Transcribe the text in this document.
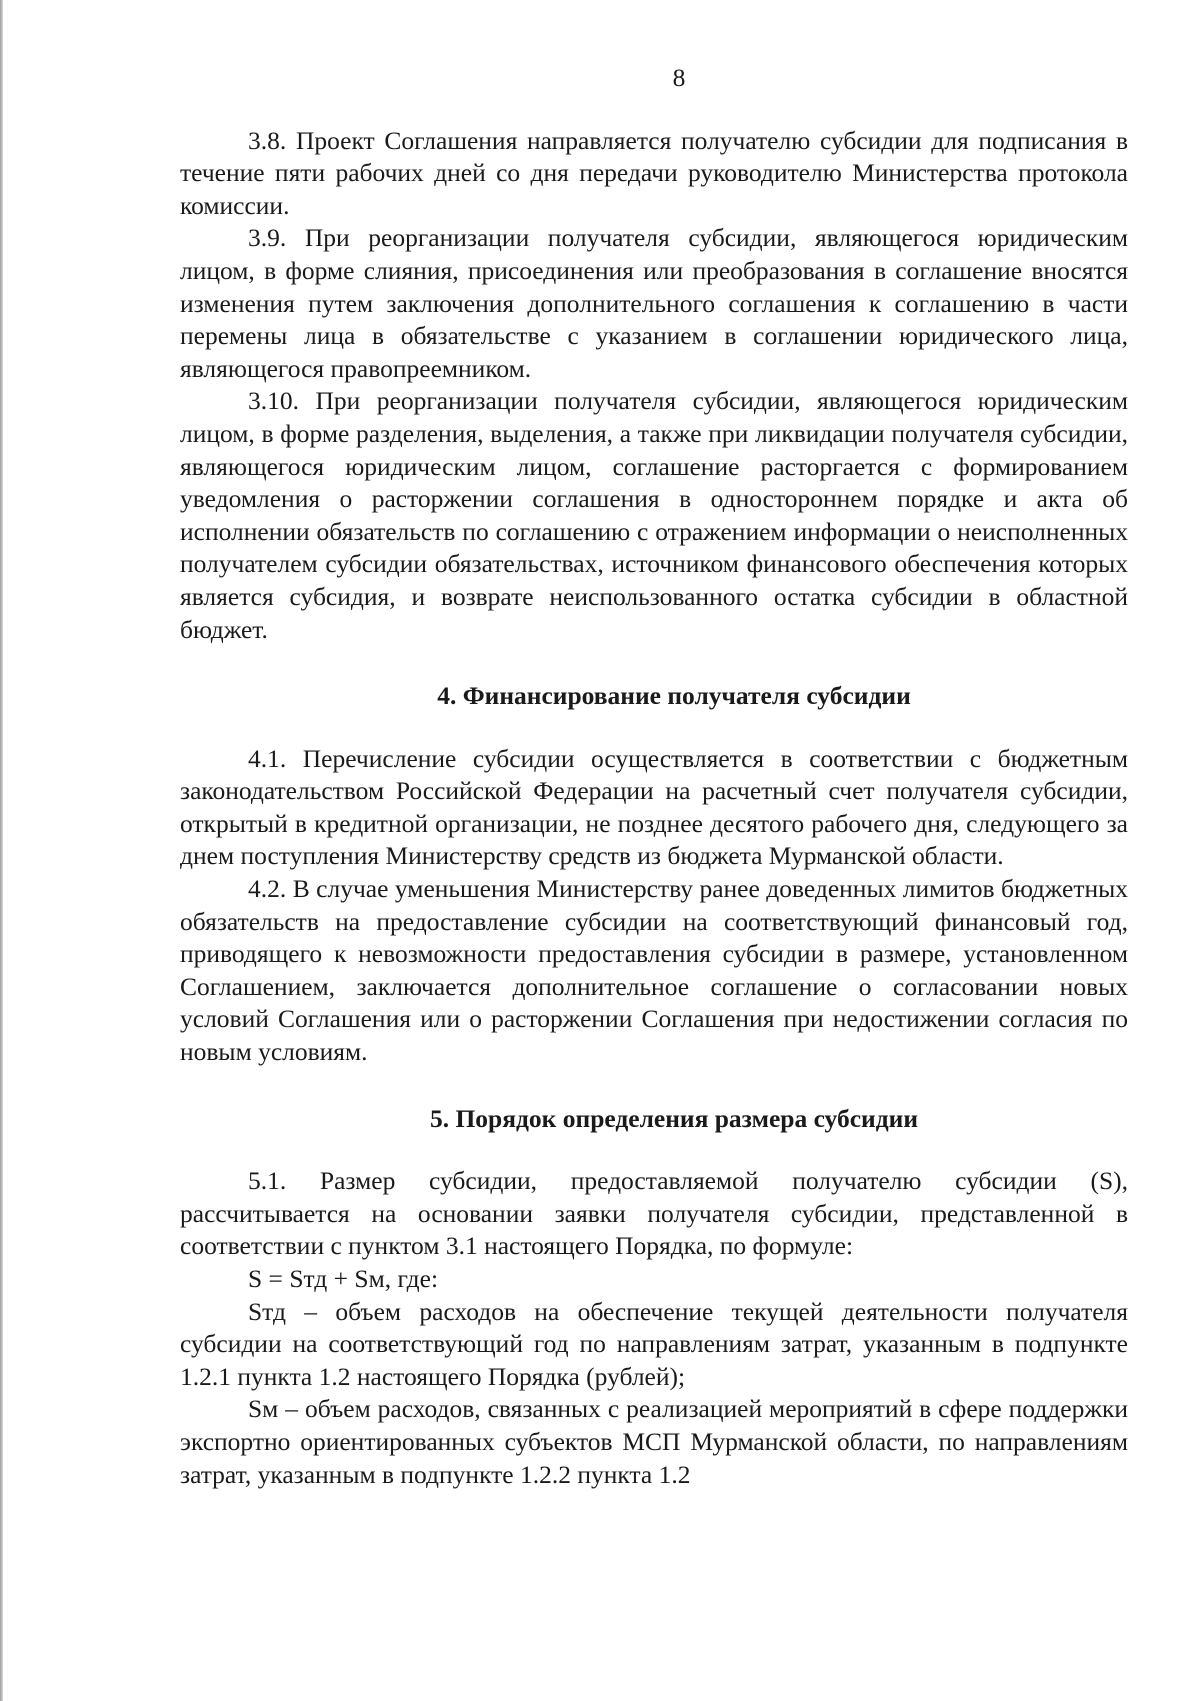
8

3.8. Проект Соглашения направляется получателю субсидии для подписания в течение пяти рабочих дней со дня передачи руководителю Министерства протокола комиссии.

3.9. При реорганизации получателя субсидии, являющегося юридическим лицом, в форме слияния, присоединения или преобразования в соглашение вносятся изменения путем заключения дополнительного соглашения к соглашению в части перемены лица в обязательстве с указанием в соглашении юридического лица, являющегося правопреемником.

3.10. При реорганизации получателя субсидии, являющегося юридическим лицом, в форме разделения, выделения, а также при ликвидации получателя субсидии, являющегося юридическим лицом, соглашение расторгается с формированием уведомления о расторжении соглашения в одностороннем порядке и акта об исполнении обязательств по соглашению с отражением информации о неисполненных получателем субсидии обязательствах, источником финансового обеспечения которых является субсидия, и возврате неиспользованного остатка субсидии в областной бюджет.

4. Финансирование получателя субсидии

4.1. Перечисление субсидии осуществляется в соответствии с бюджетным законодательством Российской Федерации на расчетный счет получателя субсидии, открытый в кредитной организации, не позднее десятого рабочего дня, следующего за днем поступления Министерству средств из бюджета Мурманской области.

4.2. В случае уменьшения Министерству ранее доведенных лимитов бюджетных обязательств на предоставление субсидии на соответствующий финансовый год, приводящего к невозможности предоставления субсидии в размере, установленном Соглашением, заключается дополнительное соглашение о согласовании новых условий Соглашения или о расторжении Соглашения при недостижении согласия по новым условиям.

5. Порядок определения размера субсидии

5.1. Размер субсидии, предоставляемой получателю субсидии (S), рассчитывается на основании заявки получателя субсидии, представленной в соответствии с пунктом 3.1 настоящего Порядка, по формуле:

S = Sтд + Sм, где:

Sтд – объем расходов на обеспечение текущей деятельности получателя субсидии на соответствующий год по направлениям затрат, указанным в подпункте 1.2.1 пункта 1.2 настоящего Порядка (рублей);

Sм – объем расходов, связанных с реализацией мероприятий в сфере поддержки экспортно ориентированных субъектов МСП Мурманской области, по направлениям затрат, указанным в подпункте 1.2.2 пункта 1.2
